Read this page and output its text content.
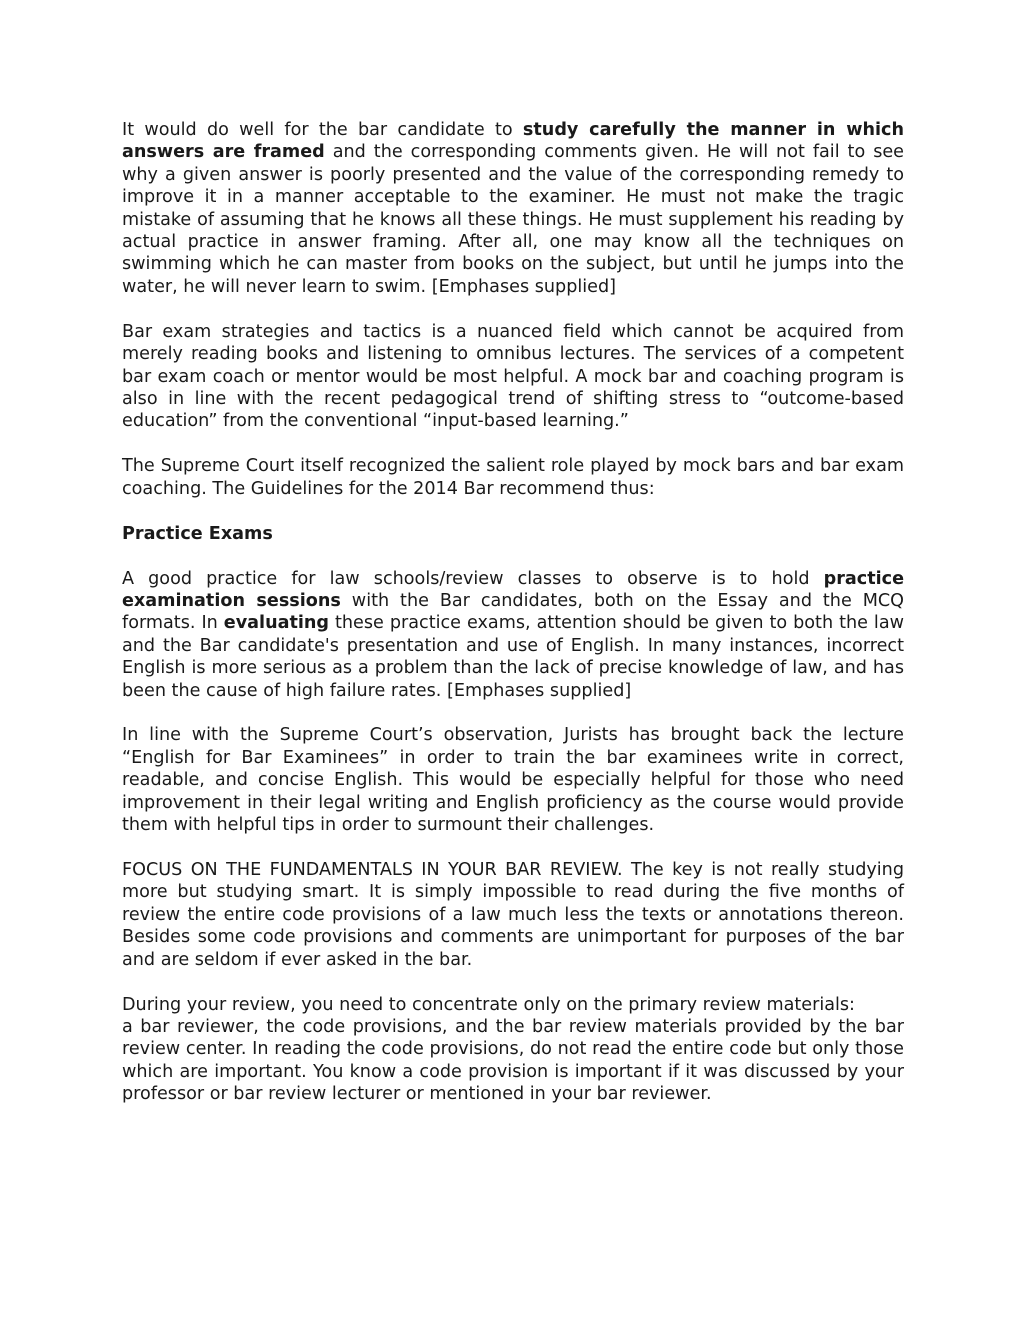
It would do well for the bar candidate to study carefully the manner in which answers are framed and the corresponding comments given. He will not fail to see why a given answer is poorly presented and the value of the corresponding remedy to improve it in a manner acceptable to the examiner. He must not make the tragic mistake of assuming that he knows all these things. He must supplement his reading by actual practice in answer framing. After all, one may know all the techniques on swimming which he can master from books on the subject, but until he jumps into the water, he will never learn to swim. [Emphases supplied]

Bar exam strategies and tactics is a nuanced field which cannot be acquired from merely reading books and listening to omnibus lectures. The services of a competent bar exam coach or mentor would be most helpful. A mock bar and coaching program is also in line with the recent pedagogical trend of shifting stress to “outcome-based education” from the conventional “input-based learning.”

The Supreme Court itself recognized the salient role played by mock bars and bar exam coaching. The Guidelines for the 2014 Bar recommend thus:

Practice Exams

A good practice for law schools/review classes to observe is to hold practice examination sessions with the Bar candidates, both on the Essay and the MCQ formats. In evaluating these practice exams, attention should be given to both the law and the Bar candidate's presentation and use of English. In many instances, incorrect English is more serious as a problem than the lack of precise knowledge of law, and has been the cause of high failure rates. [Emphases supplied]

In line with the Supreme Court’s observation, Jurists has brought back the lecture “English for Bar Examinees” in order to train the bar examinees write in correct, readable, and concise English. This would be especially helpful for those who need improvement in their legal writing and English proficiency as the course would provide them with helpful tips in order to surmount their challenges.

FOCUS ON THE FUNDAMENTALS IN YOUR BAR REVIEW. The key is not really studying more but studying smart. It is simply impossible to read during the five months of review the entire code provisions of a law much less the texts or annotations thereon. Besides some code provisions and comments are unimportant for purposes of the bar and are seldom if ever asked in the bar.

During your review, you need to concentrate only on the primary review materials:
a bar reviewer, the code provisions, and the bar review materials provided by the bar review center. In reading the code provisions, do not read the entire code but only those which are important. You know a code provision is important if it was discussed by your professor or bar review lecturer or mentioned in your bar reviewer.
